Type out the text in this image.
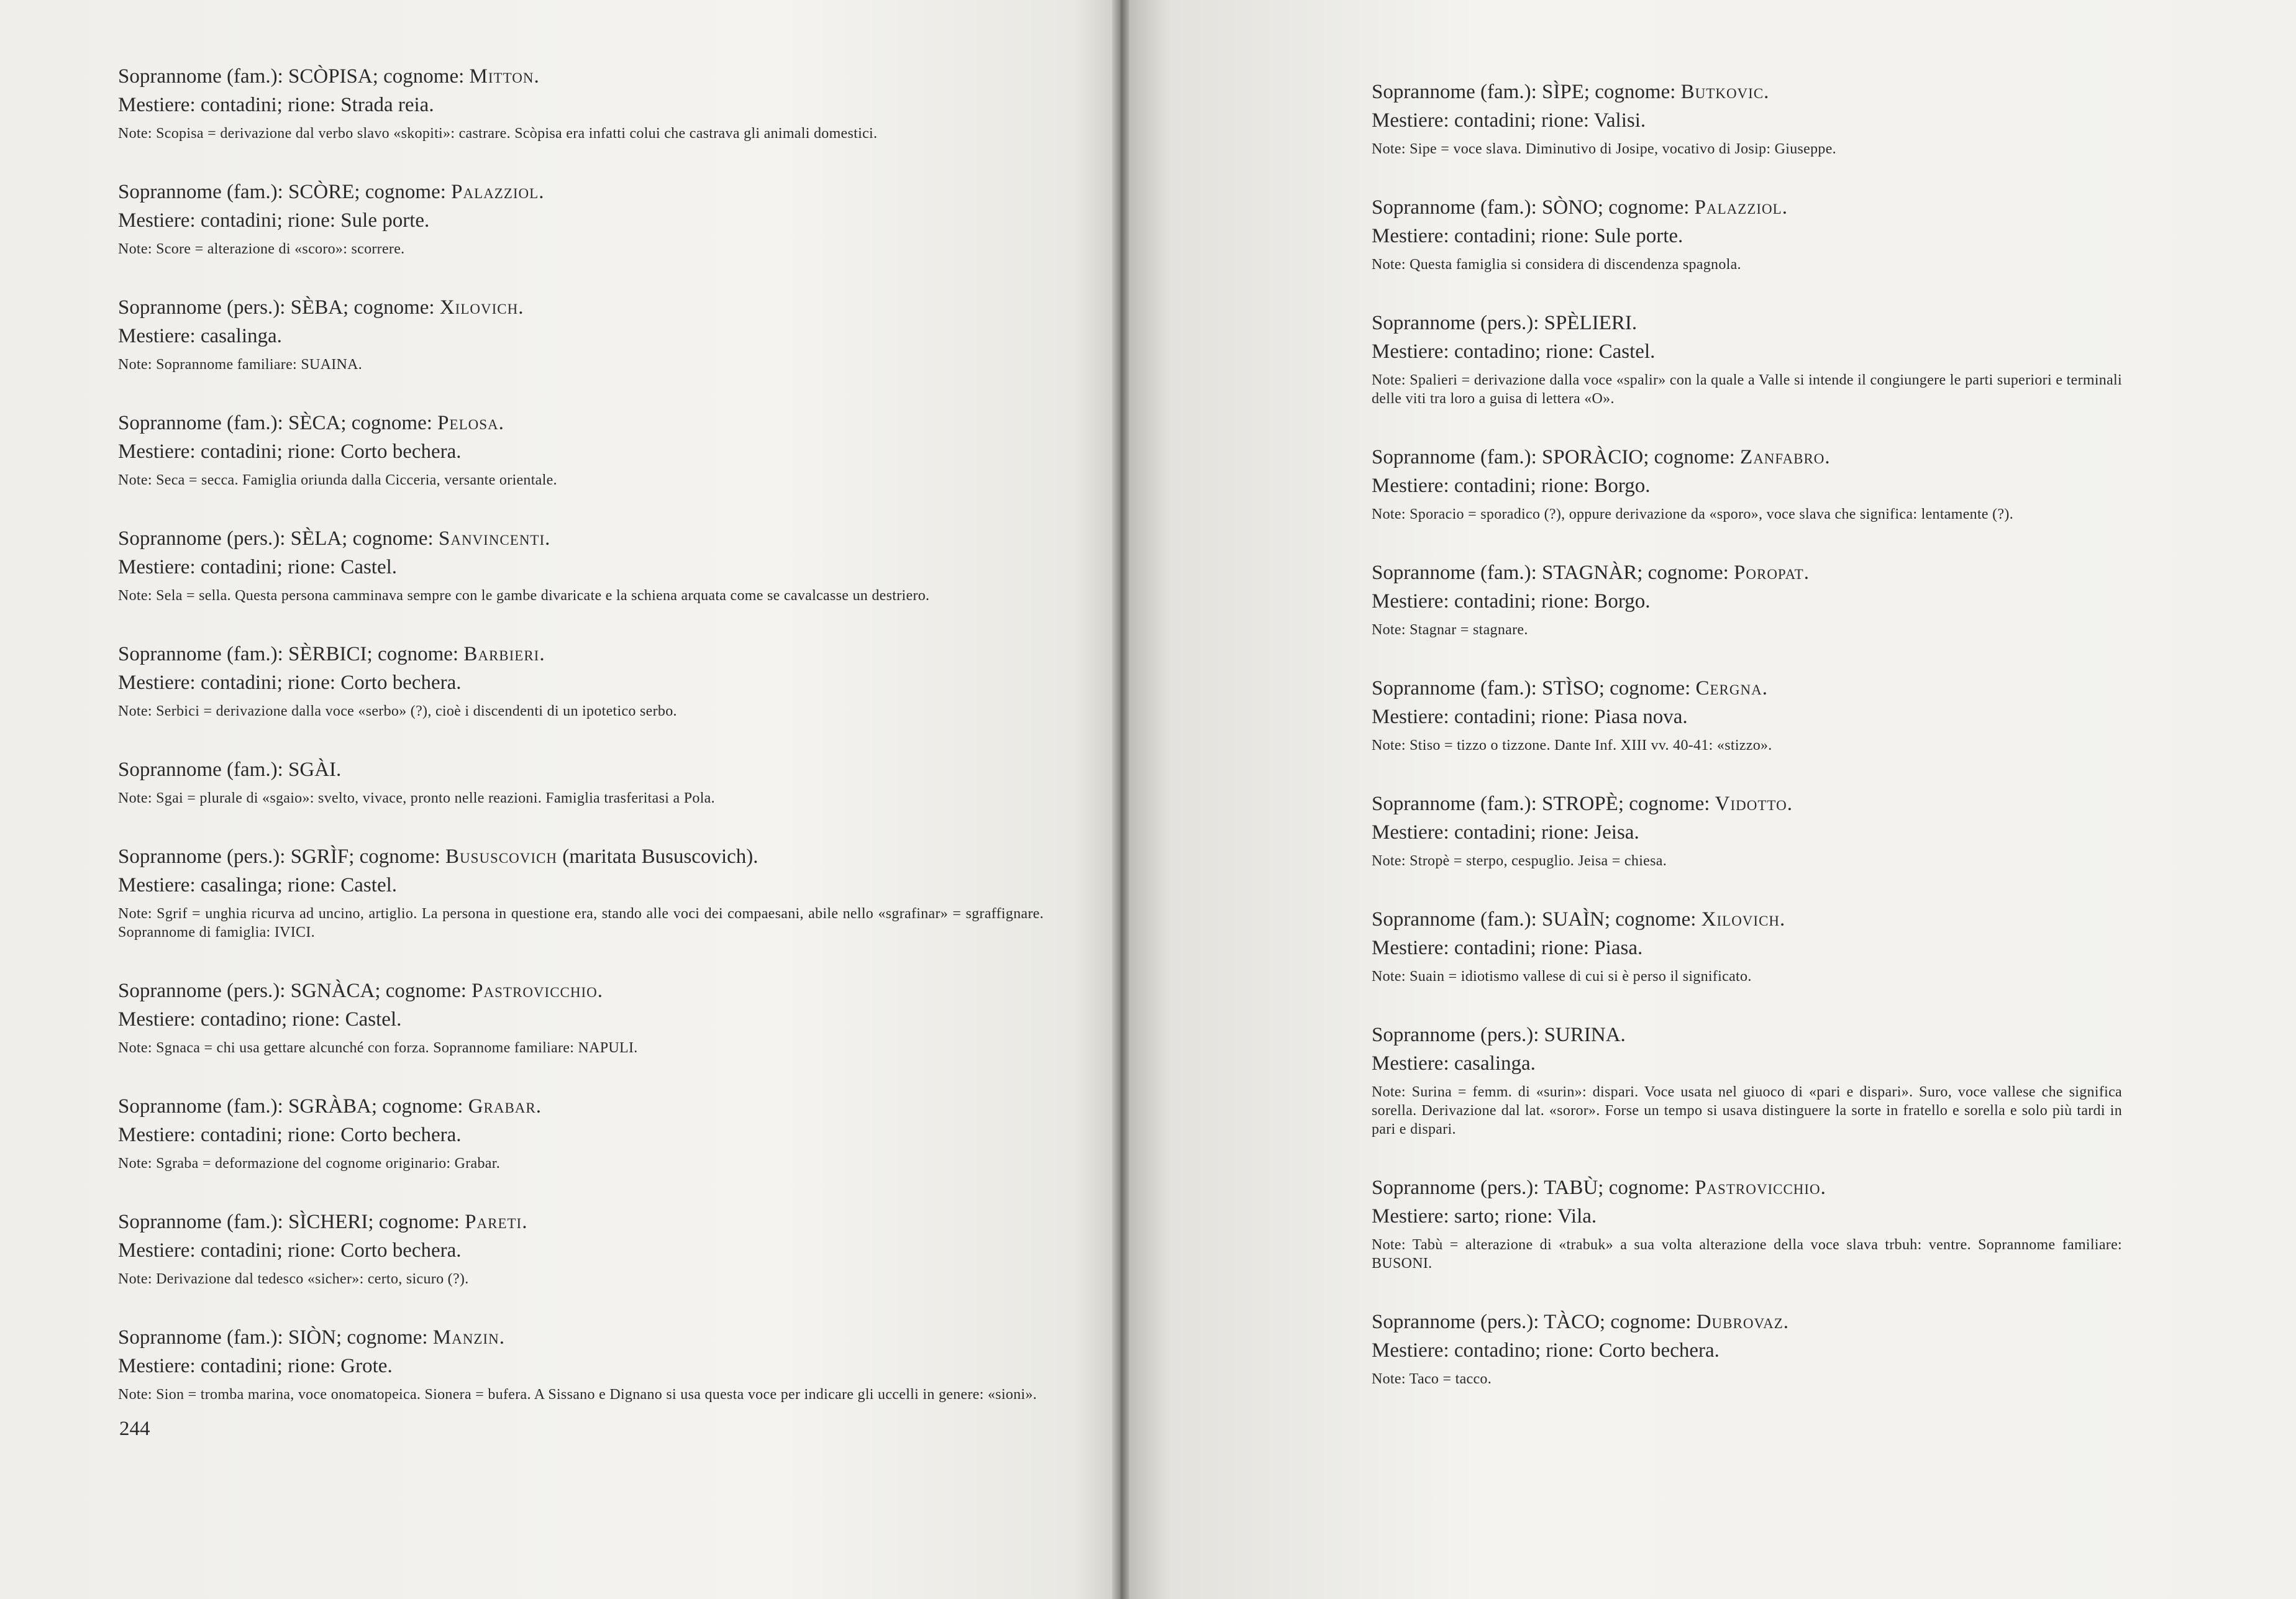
Soprannome (fam.): SCÒPISA; cognome: Mitton.
Mestiere: contadini; rione: Strada reia.
Note: Scopisa = derivazione dal verbo slavo «skopiti»: castrare. Scòpisa era infatti colui che castrava gli animali domestici.
Soprannome (fam.): SCÒRE; cognome: Palazziol.
Mestiere: contadini; rione: Sule porte.
Note: Score = alterazione di «scoro»: scorrere.
Soprannome (pers.): SÈBA; cognome: Xilovich.
Mestiere: casalinga.
Note: Soprannome familiare: SUAINA.
Soprannome (fam.): SÈCA; cognome: Pelosa.
Mestiere: contadini; rione: Corto bechera.
Note: Seca = secca. Famiglia oriunda dalla Cicceria, versante orientale.
Soprannome (pers.): SÈLA; cognome: Sanvincenti.
Mestiere: contadini; rione: Castel.
Note: Sela = sella. Questa persona camminava sempre con le gambe divaricate e la schiena arquata come se cavalcasse un destriero.
Soprannome (fam.): SÈRBICI; cognome: Barbieri.
Mestiere: contadini; rione: Corto bechera.
Note: Serbici = derivazione dalla voce «serbo» (?), cioè i discendenti di un ipotetico serbo.
Soprannome (fam.): SGÀI.
Note: Sgai = plurale di «sgaio»: svelto, vivace, pronto nelle reazioni. Famiglia trasferitasi a Pola.
Soprannome (pers.): SGRÌF; cognome: Bususcovich (maritata Bususcovich).
Mestiere: casalinga; rione: Castel.
Note: Sgrif = unghia ricurva ad uncino, artiglio. La persona in questione era, stando alle voci dei compaesani, abile nello «sgrafinar» = sgraffignare. Soprannome di famiglia: IVICI.
Soprannome (pers.): SGNÀCA; cognome: Pastrovicchio.
Mestiere: contadino; rione: Castel.
Note: Sgnaca = chi usa gettare alcunché con forza. Soprannome familiare: NAPULI.
Soprannome (fam.): SGRÀBA; cognome: Grabar.
Mestiere: contadini; rione: Corto bechera.
Note: Sgraba = deformazione del cognome originario: Grabar.
Soprannome (fam.): SÌCHERI; cognome: Pareti.
Mestiere: contadini; rione: Corto bechera.
Note: Derivazione dal tedesco «sicher»: certo, sicuro (?).
Soprannome (fam.): SIÒN; cognome: Manzin.
Mestiere: contadini; rione: Grote.
Note: Sion = tromba marina, voce onomatopeica. Sionera = bufera. A Sissano e Dignano si usa questa voce per indicare gli uccelli in genere: «sioni».
244
Soprannome (fam.): SÌPE; cognome: Butkovic.
Mestiere: contadini; rione: Valisi.
Note: Sipe = voce slava. Diminutivo di Josipe, vocativo di Josip: Giuseppe.
Soprannome (fam.): SÒNO; cognome: Palazziol.
Mestiere: contadini; rione: Sule porte.
Note: Questa famiglia si considera di discendenza spagnola.
Soprannome (pers.): SPÈLIERI.
Mestiere: contadino; rione: Castel.
Note: Spalieri = derivazione dalla voce «spalir» con la quale a Valle si intende il congiungere le parti superiori e terminali delle viti tra loro a guisa di lettera «O».
Soprannome (fam.): SPORÀCIO; cognome: Zanfabro.
Mestiere: contadini; rione: Borgo.
Note: Sporacio = sporadico (?), oppure derivazione da «sporo», voce slava che significa: lentamente (?).
Soprannome (fam.): STAGNÀR; cognome: Poropat.
Mestiere: contadini; rione: Borgo.
Note: Stagnar = stagnare.
Soprannome (fam.): STÌSO; cognome: Cergna.
Mestiere: contadini; rione: Piasa nova.
Note: Stiso = tizzo o tizzone. Dante Inf. XIII vv. 40-41: «stizzo».
Soprannome (fam.): STROPÈ; cognome: Vidotto.
Mestiere: contadini; rione: Jeisa.
Note: Stropè = sterpo, cespuglio. Jeisa = chiesa.
Soprannome (fam.): SUAÌN; cognome: Xilovich.
Mestiere: contadini; rione: Piasa.
Note: Suain = idiotismo vallese di cui si è perso il significato.
Soprannome (pers.): SURINA.
Mestiere: casalinga.
Note: Surina = femm. di «surin»: dispari. Voce usata nel giuoco di «pari e dispari». Suro, voce vallese che significa sorella. Derivazione dal lat. «soror». Forse un tempo si usava distinguere la sorte in fratello e sorella e solo più tardi in pari e dispari.
Soprannome (pers.): TABÙ; cognome: Pastrovicchio.
Mestiere: sarto; rione: Vila.
Note: Tabù = alterazione di «trabuk» a sua volta alterazione della voce slava trbuh: ventre. Soprannome familiare: BUSONI.
Soprannome (pers.): TÀCO; cognome: Dubrovaz.
Mestiere: contadino; rione: Corto bechera.
Note: Taco = tacco.
